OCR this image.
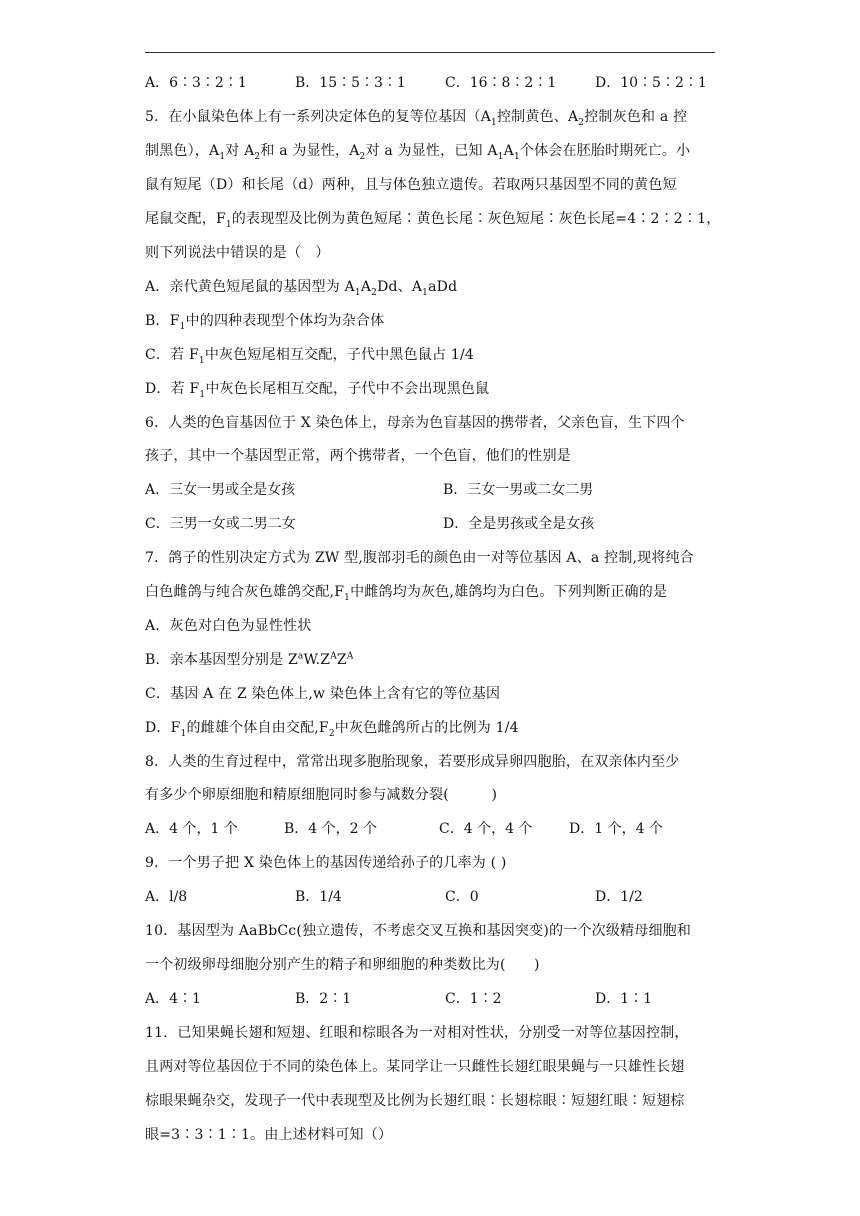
A．6∶3∶2∶1	B．15∶5∶3∶1	C．16∶8∶2∶1	D．10∶5∶2∶1
5．在小鼠染色体上有一系列决定体色的复等位基因（$A_1$控制黄色、$A_2$控制灰色和 a 控
制黑色），$A_1$对 $A_2$和 a 为显性，$A_2$对 a 为显性，已知 $A_1A_1$个体会在胚胎时期死亡。小
鼠有短尾（D）和长尾（d）两种，且与体色独立遗传。若取两只基因型不同的黄色短
尾鼠交配，$F_1$的表现型及比例为黄色短尾∶黄色长尾∶灰色短尾∶灰色长尾=4∶2∶2∶1，
则下列说法中错误的是（　）
A．亲代黄色短尾鼠的基因型为 $A_1A_2Dd$、$A_1aDd$
B．$F_1$中的四种表现型个体均为杂合体
C．若 $F_1$中灰色短尾相互交配，子代中黑色鼠占 1/4
D．若 $F_1$中灰色长尾相互交配，子代中不会出现黑色鼠
6．人类的色盲基因位于 X 染色体上，母亲为色盲基因的携带者，父亲色盲，生下四个
孩子，其中一个基因型正常，两个携带者，一个色盲，他们的性别是
A．三女一男或全是女孩	B．三女一男或二女二男
C．三男一女或二男二女	D．全是男孩或全是女孩
7．鸽子的性别决定方式为 ZW 型,腹部羽毛的颜色由一对等位基因 A、a 控制,现将纯合
白色雌鸽与纯合灰色雄鸽交配$,F_1$中雌鸽均为灰色,雄鸽均为白色。下列判断正确的是
A．灰色对白色为显性性状
B．亲本基因型分别是 $Z^aW.Z^AZ^A$
C．基因 A 在 Z 染色体上,w 染色体上含有它的等位基因
D．$F_1$的雌雄个体自由交配$,F_2$中灰色雌鸽所占的比例为 1/4
8．人类的生育过程中，常常出现多胞胎现象，若要形成异卵四胞胎，在双亲体内至少
有多少个卵原细胞和精原细胞同时参与减数分裂(　　　)
A．4 个，1 个	B．4 个，2 个	C．4 个，4 个	D．1 个，4 个
9．一个男子把 X 染色体上的基因传递给孙子的几率为 ( )
A．l/8	B．1/4	C．0	D．1/2
10．基因型为 AaBbCc(独立遗传，不考虑交叉互换和基因突变)的一个次级精母细胞和
一个初级卵母细胞分别产生的精子和卵细胞的种类数比为(　　)
A．4∶1	B．2∶1	C．1∶2	D．1∶1
11．已知果蝇长翅和短翅、红眼和棕眼各为一对相对性状，分别受一对等位基因控制，
且两对等位基因位于不同的染色体上。某同学让一只雌性长翅红眼果蝇与一只雄性长翅
棕眼果蝇杂交，发现子一代中表现型及比例为长翅红眼∶长翅棕眼∶短翅红眼∶短翅棕
眼=3∶3∶1∶1。由上述材料可知（）
